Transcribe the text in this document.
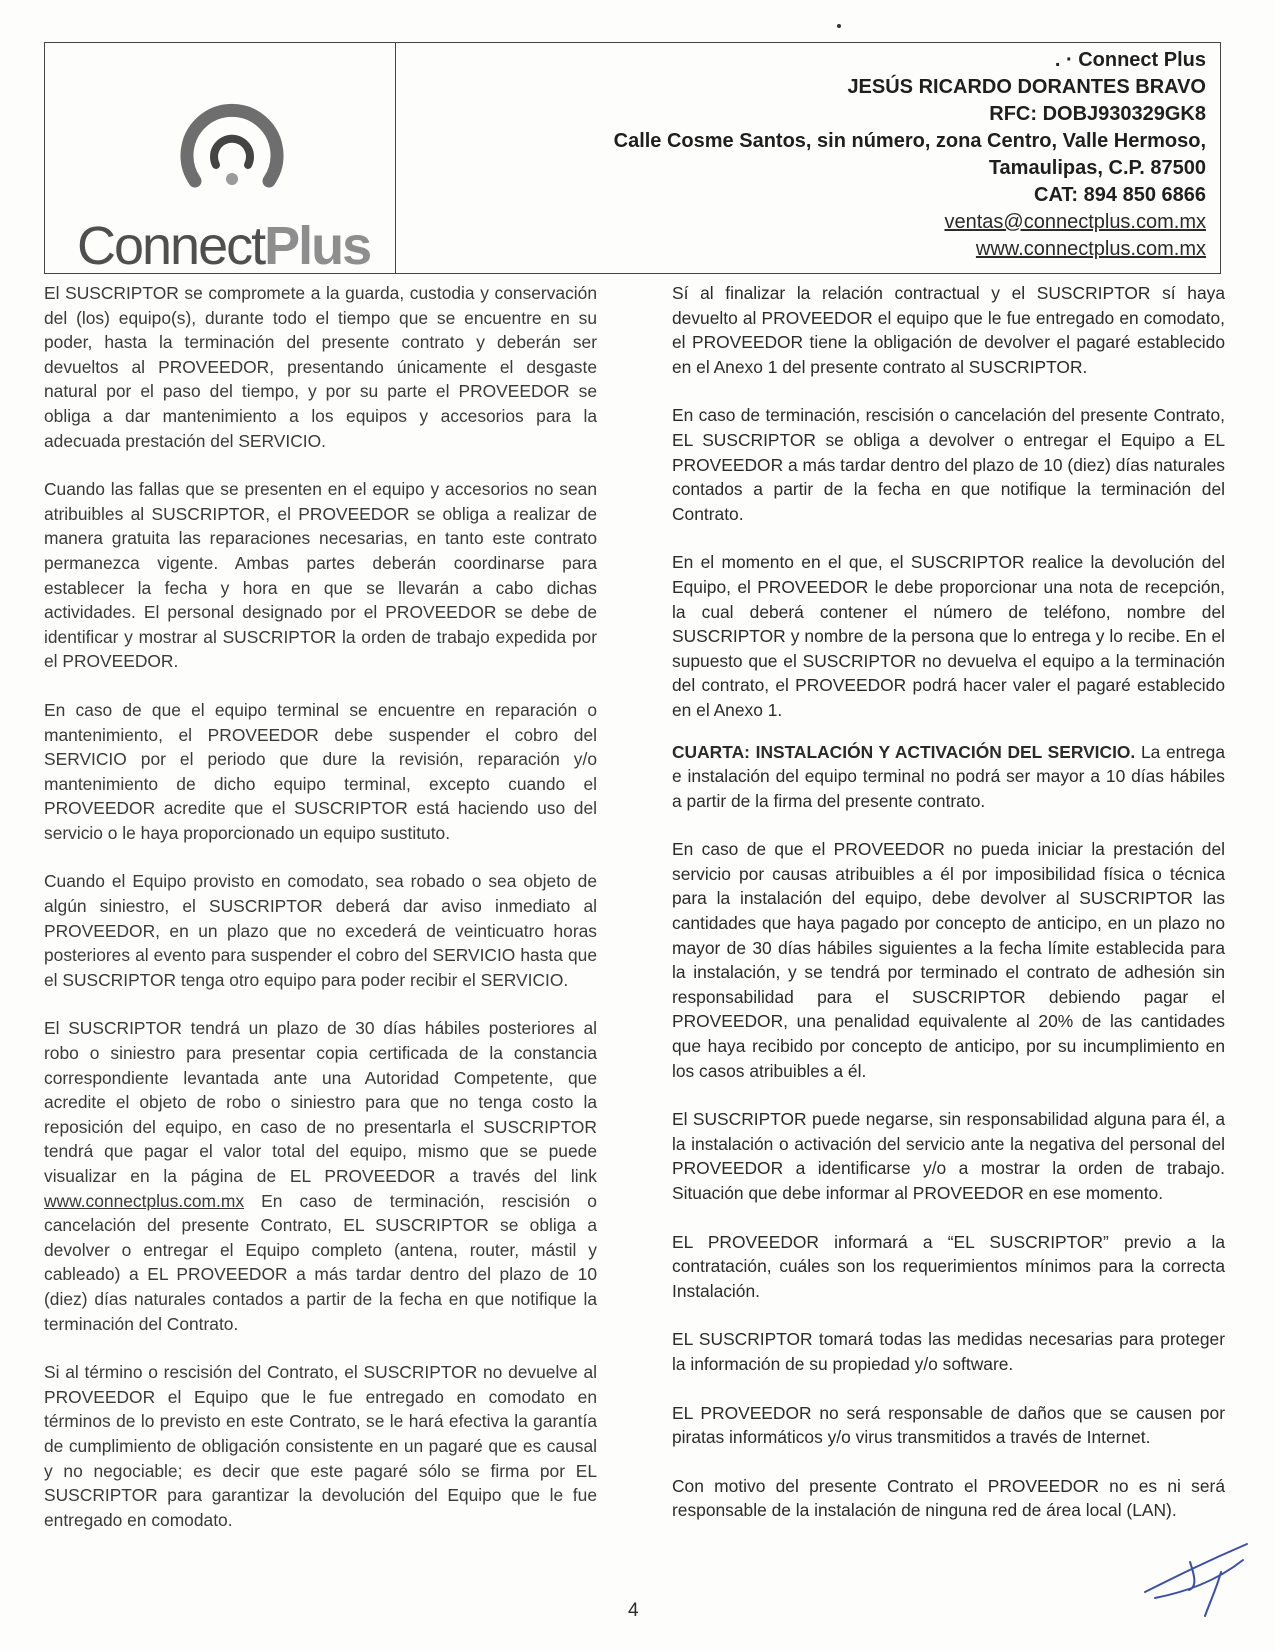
ConnectPlus
. · Connect Plus
JESÚS RICARDO DORANTES BRAVO
RFC: DOBJ930329GK8
Calle Cosme Santos, sin número, zona Centro, Valle Hermoso,
Tamaulipas, C.P. 87500
CAT: 894 850 6866
ventas@connectplus.com.mx
www.connectplus.com.mx

El SUSCRIPTOR se compromete a la guarda, custodia y conservación del (los) equipo(s), durante todo el tiempo que se encuentre en su poder, hasta la terminación del presente contrato y deberán ser devueltos al PROVEEDOR, presentando únicamente el desgaste natural por el paso del tiempo, y por su parte el PROVEEDOR se obliga a dar mantenimiento a los equipos y accesorios para la adecuada prestación del SERVICIO.

Cuando las fallas que se presenten en el equipo y accesorios no sean atribuibles al SUSCRIPTOR, el PROVEEDOR se obliga a realizar de manera gratuita las reparaciones necesarias, en tanto este contrato permanezca vigente. Ambas partes deberán coordinarse para establecer la fecha y hora en que se llevarán a cabo dichas actividades. El personal designado por el PROVEEDOR se debe de identificar y mostrar al SUSCRIPTOR la orden de trabajo expedida por el PROVEEDOR.

En caso de que el equipo terminal se encuentre en reparación o mantenimiento, el PROVEEDOR debe suspender el cobro del SERVICIO por el periodo que dure la revisión, reparación y/o mantenimiento de dicho equipo terminal, excepto cuando el PROVEEDOR acredite que el SUSCRIPTOR está haciendo uso del servicio o le haya proporcionado un equipo sustituto.

Cuando el Equipo provisto en comodato, sea robado o sea objeto de algún siniestro, el SUSCRIPTOR deberá dar aviso inmediato al PROVEEDOR, en un plazo que no excederá de veinticuatro horas posteriores al evento para suspender el cobro del SERVICIO hasta que el SUSCRIPTOR tenga otro equipo para poder recibir el SERVICIO.

El SUSCRIPTOR tendrá un plazo de 30 días hábiles posteriores al robo o siniestro para presentar copia certificada de la constancia correspondiente levantada ante una Autoridad Competente, que acredite el objeto de robo o siniestro para que no tenga costo la reposición del equipo, en caso de no presentarla el SUSCRIPTOR tendrá que pagar el valor total del equipo, mismo que se puede visualizar en la página de EL PROVEEDOR a través del link www.connectplus.com.mx En caso de terminación, rescisión o cancelación del presente Contrato, EL SUSCRIPTOR se obliga a devolver o entregar el Equipo completo (antena, router, mástil y cableado) a EL PROVEEDOR a más tardar dentro del plazo de 10 (diez) días naturales contados a partir de la fecha en que notifique la terminación del Contrato.

Si al término o rescisión del Contrato, el SUSCRIPTOR no devuelve al PROVEEDOR el Equipo que le fue entregado en comodato en términos de lo previsto en este Contrato, se le hará efectiva la garantía de cumplimiento de obligación consistente en un pagaré que es causal y no negociable; es decir que este pagaré sólo se firma por EL SUSCRIPTOR para garantizar la devolución del Equipo que le fue entregado en comodato.

Sí al finalizar la relación contractual y el SUSCRIPTOR sí haya devuelto al PROVEEDOR el equipo que le fue entregado en comodato, el PROVEEDOR tiene la obligación de devolver el pagaré establecido en el Anexo 1 del presente contrato al SUSCRIPTOR.

En caso de terminación, rescisión o cancelación del presente Contrato, EL SUSCRIPTOR se obliga a devolver o entregar el Equipo a EL PROVEEDOR a más tardar dentro del plazo de 10 (diez) días naturales contados a partir de la fecha en que notifique la terminación del Contrato.

En el momento en el que, el SUSCRIPTOR realice la devolución del Equipo, el PROVEEDOR le debe proporcionar una nota de recepción, la cual deberá contener el número de teléfono, nombre del SUSCRIPTOR y nombre de la persona que lo entrega y lo recibe. En el supuesto que el SUSCRIPTOR no devuelva el equipo a la terminación del contrato, el PROVEEDOR podrá hacer valer el pagaré establecido en el Anexo 1.

CUARTA: INSTALACIÓN Y ACTIVACIÓN DEL SERVICIO. La entrega e instalación del equipo terminal no podrá ser mayor a 10 días hábiles a partir de la firma del presente contrato.

En caso de que el PROVEEDOR no pueda iniciar la prestación del servicio por causas atribuibles a él por imposibilidad física o técnica para la instalación del equipo, debe devolver al SUSCRIPTOR las cantidades que haya pagado por concepto de anticipo, en un plazo no mayor de 30 días hábiles siguientes a la fecha límite establecida para la instalación, y se tendrá por terminado el contrato de adhesión sin responsabilidad para el SUSCRIPTOR debiendo pagar el PROVEEDOR, una penalidad equivalente al 20% de las cantidades que haya recibido por concepto de anticipo, por su incumplimiento en los casos atribuibles a él.

El SUSCRIPTOR puede negarse, sin responsabilidad alguna para él, a la instalación o activación del servicio ante la negativa del personal del PROVEEDOR a identificarse y/o a mostrar la orden de trabajo. Situación que debe informar al PROVEEDOR en ese momento.

EL PROVEEDOR informará a “EL SUSCRIPTOR” previo a la contratación, cuáles son los requerimientos mínimos para la correcta Instalación.

EL SUSCRIPTOR tomará todas las medidas necesarias para proteger la información de su propiedad y/o software.

EL PROVEEDOR no será responsable de daños que se causen por piratas informáticos y/o virus transmitidos a través de Internet.

Con motivo del presente Contrato el PROVEEDOR no es ni será responsable de la instalación de ninguna red de área local (LAN).

4
